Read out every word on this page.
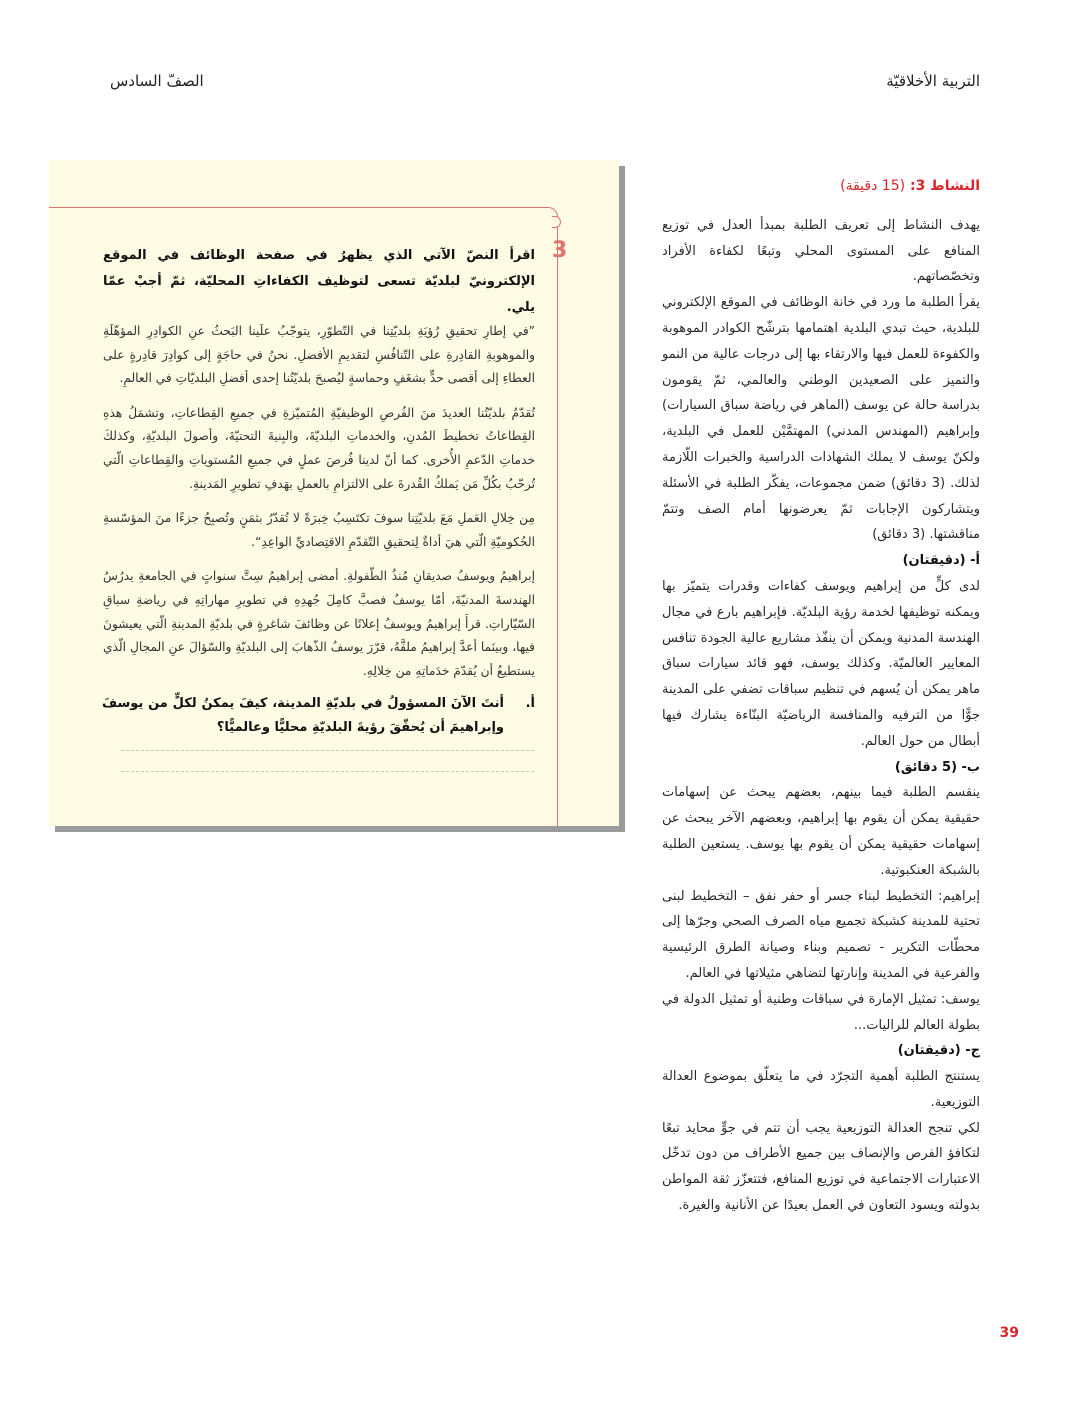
التربية الأخلاقيّة
الصفّ السادس

النشاط 3: (15 دقيقة)

يهدف النشاط إلى تعريف الطلبة بمبدأ العدل في توزيع المنافع على المستوى المحلي وتبعًا لكفاءة الأفراد وتخصّصاتهم.

يقرأ الطلبة ما ورد في خانة الوظائف في الموقع الإلكتروني للبلدية، حيث تبدي البلدية اهتمامها بترشّح الكوادر الموهوبة والكفوءة للعمل فيها والارتقاء بها إلى درجات عالية من النمو والتميز على الصعيدين الوطني والعالمي، ثمّ يقومون بدراسة حالة عن يوسف (الماهر في رياضة سباق السيارات) وإبراهيم (المهندس المدني) المهتمَّيْن للعمل في البلدية، ولكنّ يوسف لا يملك الشهادات الدراسية والخبرات اللّازمة لذلك. (3 دقائق) ضمن مجموعات، يفكّر الطلبة في الأسئلة ويتشاركون الإجابات ثمّ يعرضونها أمام الصف وتتمّ مناقشتها. (3 دقائق)

أ- (دقيقتان)

لدى كلٍّ من إبراهيم ويوسف كفاءات وقدرات يتميّز بها ويمكنه توظيفها لخدمة رؤية البلديّة. فإبراهيم بارع في مجال الهندسة المدنية ويمكن أن ينفّذ مشاريع عالية الجودة تنافس المعايير العالميّة. وكذلك يوسف، فهو قائد سيارات سباق ماهر يمكن أن يُسهم في تنظيم سباقات تضفي على المدينة جوًّا من الترفيه والمنافسة الرياضيّة البنّاءة يشارك فيها أبطال من حول العالم.

ب- (5 دقائق)

ينقسم الطلبة فيما بينهم، بعضهم يبحث عن إسهامات حقيقية يمكن أن يقوم بها إبراهيم، وبعضهم الآخر يبحث عن إسهامات حقيقية يمكن أن يقوم بها يوسف. يستعين الطلبة بالشبكة العنكبوتية.

إبراهيم: التخطيط لبناء جسر أو حفر نفق – التخطيط لبنى تحتية للمدينة كشبكة تجميع مياه الصرف الصحي وجرّها إلى محطّات التكرير - تصميم وبناء وصيانة الطرق الرئيسية والفرعية في المدينة وإنارتها لتضاهي مثيلاتها في العالم.

يوسف: تمثيل الإمارة في سباقات وطنية أو تمثيل الدولة في بطولة العالم للراليات...

ج- (دقيقتان)

يستنتج الطلبة أهمية التجرّد في ما يتعلّق بموضوع العدالة التوزيعية.

لكي تنجح العدالة التوزيعية يجب أن تتم في جوٍّ محايد تبعًا لتكافؤ الفرص والإنصاف بين جميع الأطراف من دون تدخّل الاعتبارات الاجتماعية في توزيع المنافع، فتتعزّز ثقة المواطن بدولته ويسود التعاون في العمل بعيدًا عن الأنانية والغيرة.

3
اقرأ النصّ الآتي الذي يظهرُ في صفحة الوظائف في الموقع الإلكترونيّ لبلديّة تسعى لتوظيف الكفاءاتِ المحليّة، ثمّ أجبْ عمّا يلي.

”في إطارِ تحقيقِ رُؤيَةِ بلديّتِنا في التّطوّرِ، يتوجّبُ علَينا البَحثُ عنِ الكوادِرِ المؤهّلَةِ والموهوبةِ القادِرةِ على التّنافُسِ لتقديمِ الأفضلِ. نحنُ في حاجَةٍ إلى كوادِرَ قادِرةٍ على العطاءِ إلى أقصى حدٍّ بشغَفٍ وحماسةٍ ليُصبحَ بلديّتُنا إحدى أفضلِ البلديّاتِ في العالمِ.

تُقدّمُ بلديّتُنا العديدَ منَ الفُرصِ الوظيفيّةِ المُتميّزةِ في جميعِ القِطاعاتِ، وتشمَلُ هذهِ القِطاعاتُ تخطيطَ المُدنِ، والخدماتِ البلديّةَ، والبِنيةَ التحتيّةَ، وأصولَ البلديّةِ، وكذلكَ خدماتِ الدّعمِ الأُخرى. كما أنّ لدينا فُرصَ عملٍ في جميعِ المُستوياتِ والقِطاعاتِ الّتي تُرحّبُ بكُلِّ مَن يَملكُ القُدرةَ على الالتزامِ بالعملِ بهَدفِ تطويرِ المَدينةِ.

مِن خِلالِ العَملِ مَعَ بلديّتِنا سوفَ تكتَسِبُ خِبرَةً لا تُقدّرُ بثمَنٍ وتُصبِحُ جزءًا منَ المؤسّسةِ الحُكوميّةِ الّتي هيَ أداةٌ لِتحقيقِ التّقدّمِ الاقتِصاديِّ الواعِدِ“.

إبراهيمُ ويوسفُ صديقانِ مُنذُ الطّفولةِ. أمضى إبراهيمُ سِتَّ سنواتٍ في الجامعةِ يدرُسُ الهندسةَ المدنيّةَ، أمّا يوسفُ فصبَّ كامِلَ جُهدِهِ في تطويرِ مهاراتِهِ في رياضةِ سباقِ السّيّاراتِ. قرأَ إبراهيمُ ويوسفُ إعلانًا عن وظائفَ شاغرةٍ في بلديّةِ المدينةِ الّتي يعيشونَ فيها، وبينَما أعدَّ إبراهيمُ ملفَّهُ، قرّرَ يوسفُ الذّهابَ إلى البلديّةِ والسّؤالَ عنِ المجالِ الّذي يستطيعُ أن يُقدّمَ خدَماتِهِ من خِلالِهِ.

أ.
أنتَ الآنَ المسؤولُ في بلديّةِ المدينة، كيفَ يمكنُ لكلٍّ من يوسفَ وإبراهيمَ أن يُحقّقَ رؤيةَ البلديّةِ محليًّا وعالميًّا؟
39
